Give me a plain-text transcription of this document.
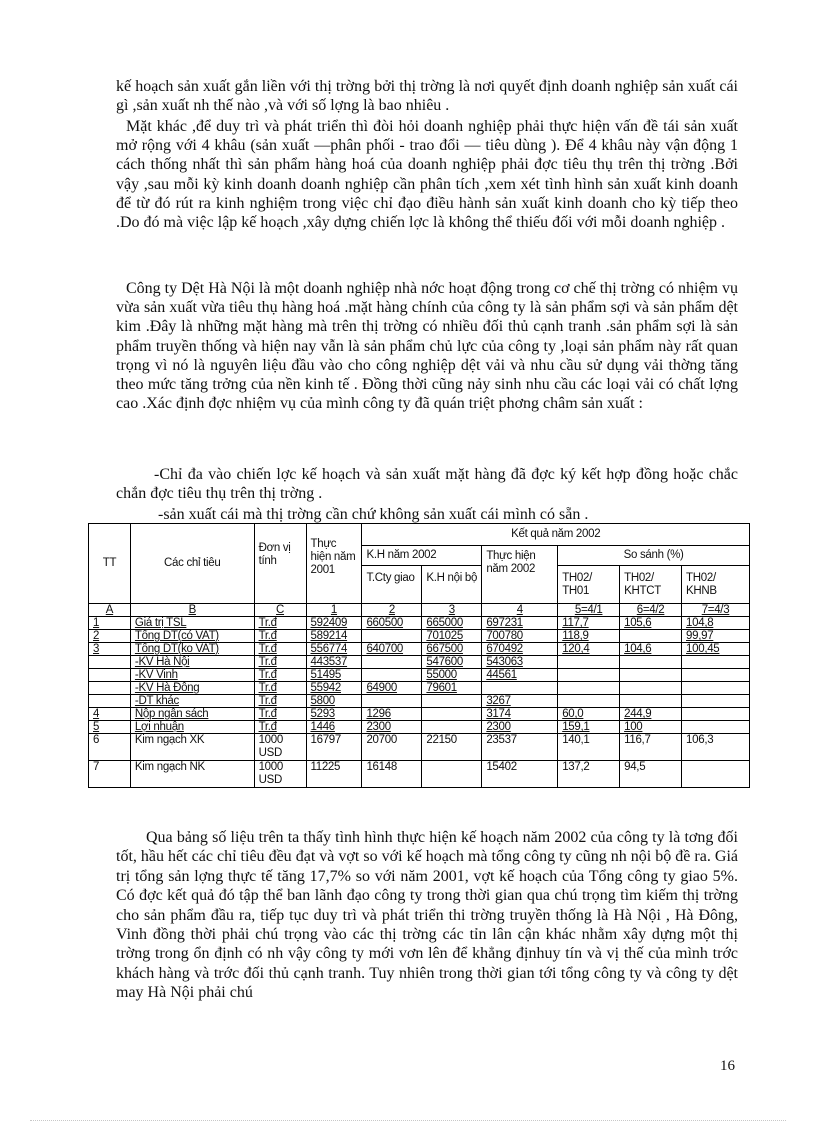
kế hoạch sản xuất gắn liền với thị trờng bởi thị trờng là nơi quyết định doanh nghiệp sản xuất cái gì ,sản xuất nh thế nào ,và với số lợng là bao nhiêu .

Mặt khác ,để duy trì và phát triển thì đòi hỏi doanh nghiệp phải thực hiện vấn đề tái sản xuất mở rộng với 4 khâu (sản xuất —phân phối - trao đổi — tiêu dùng ). Để 4 khâu này vận động 1 cách thống nhất thì sản phẩm hàng hoá của doanh nghiệp phải đợc tiêu thụ trên thị trờng .Bởi vậy ,sau mỗi kỳ kinh doanh doanh nghiệp cần phân tích ,xem xét tình hình sản xuất kinh doanh để từ đó rút ra kinh nghiệm trong việc chỉ đạo điều hành sản xuất kinh doanh cho kỳ tiếp theo .Do đó mà việc lập kế hoạch ,xây dựng chiến lợc là không thể thiếu đối với mỗi doanh nghiệp .

Công ty Dệt Hà Nội là một doanh nghiệp nhà nớc hoạt động trong cơ chế thị trờng có nhiệm vụ vừa sản xuất vừa tiêu thụ hàng hoá .mặt hàng chính của công ty là sản phẩm sợi và sản phẩm dệt kim .Đây là những mặt hàng mà trên thị trờng có nhiều đối thủ cạnh tranh .sản phẩm sợi là sản phẩm truyền thống và hiện nay vẫn là sản phẩm chủ lực của công ty ,loại sản phẩm này rất quan trọng vì nó là nguyên liệu đầu vào cho công nghiệp dệt vải và nhu cầu sử dụng vải thờng tăng theo mức tăng trởng của nền kinh tế . Đồng thời cũng nảy sinh nhu cầu các loại vải có chất lợng cao .Xác định đợc nhiệm vụ của mình công ty đã quán triệt phơng châm sản xuất :

-Chỉ đa vào chiến lợc kế hoạch và sản xuất mặt hàng đã đợc ký kết hợp đồng hoặc chắc chắn đợc tiêu thụ trên thị trờng .

-sản xuất cái mà thị trờng cần chứ không sản xuất cái mình có sẵn .

TT	Các chỉ tiêu	Đơn vị tính	Thực hiện năm 2001	Kết quả năm 2002					
				K.H năm 2002		Thực hiện năm 2002	So sánh (%)		
				T.Cty giao	K.H nội bộ		TH02/ TH01	TH02/ KHTCT	TH02/ KHNB
A	B	C	1	2	3	4	5=4/1	6=4/2	7=4/3
1	Giá trị TSL	Tr.đ	592409	660500	665000	697231	117,7	105,6	104,8
2	Tổng DT(có VAT)	Tr.đ	589214		701025	700780	118,9		99,97
3	Tổng DT(ko VAT)	Tr.đ	556774	640700	667500	670492	120,4	104,6	100,45
	-KV Hà Nội	Tr.đ	443537		547600	543063			
	-KV Vinh	Tr.đ	51495		55000	44561			
	-KV Hà Đông	Tr.đ	55942	64900	79601				
	-DT khác	Tr.đ	5800			3267			
4	Nộp ngân sách	Tr.đ	5293	1296		3174	60,0	244,9	
5	Lợi nhuận	Tr.đ	1446	2300		2300	159,1	100	
6	Kim ngạch XK	1000 USD	16797	20700	22150	23537	140,1	116,7	106,3
7	Kim ngạch NK	1000 USD	11225	16148		15402	137,2	94,5	

Qua bảng số liệu trên ta thấy tình hình thực hiện kế hoạch năm 2002 của công ty là tơng đối tốt, hầu hết các chỉ tiêu đều đạt và vợt so với kế hoạch mà tổng công ty cũng nh nội bộ đề ra. Giá trị tổng sản lợng thực tế tăng 17,7% so với năm 2001, vợt kế hoạch của Tổng công ty giao 5%. Có đợc kết quả đó tập thể ban lãnh đạo công ty trong thời gian qua chú trọng tìm kiếm thị trờng cho sản phẩm đầu ra, tiếp tục duy trì và phát triển thi trờng truyền thống là Hà Nội , Hà Đông, Vinh đồng thời phải chú trọng vào các thị trờng các tỉn lân cận khác nhằm xây dựng một thị trờng trong ổn định có nh vậy công ty mới vơn lên để khẳng địnhuy tín và vị thế của mình trớc khách hàng và trớc đối thủ cạnh tranh. Tuy nhiên trong thời gian tới tổng công ty và công ty dệt may Hà Nội phải chú

16
